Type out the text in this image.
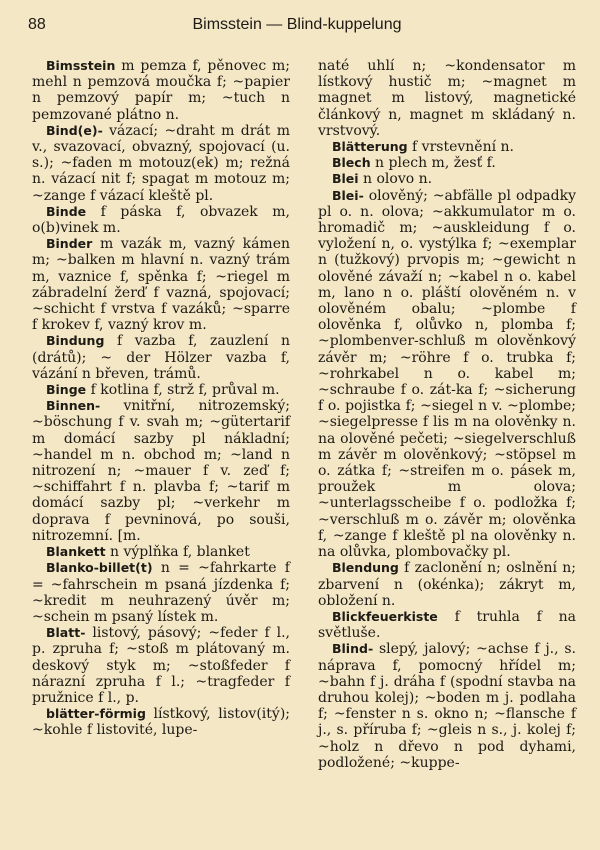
88	Bimsstein — Blind-kuppelung

Bimsstein m pemza f, pěnovec m; mehl n pemzová moučka f; ~papier n pemzový papír m; ~tuch n pemzované plátno n.

Bind(e)- vázací; ~draht m drát m v., svazovací, obvazný, spojovací (u. s.); ~faden m motouz(ek) m; režná n. vázací nit f; spagat m motouz m; ~zange f vázací kleště pl.

Binde f páska f, obvazek m, o(b)vinek m.

Binder m vazák m, vazný kámen m; ~balken m hlavní n. vazný trám m, vaznice f, spěnka f; ~riegel m zábradelní žerď f vazná, spojovací; ~schicht f vrstva f vazáků; ~sparre f krokev f, vazný krov m.

Bindung f vazba f, zauzlení n (drátů); ~ der Hölzer vazba f, vázání n břeven, trámů.

Binge f kotlina f, strž f, průval m.

Binnen- vnitřní, nitrozemský; ~böschung f v. svah m; ~gütertarif m domácí sazby pl nákladní; ~handel m n. obchod m; ~land n nitrození n; ~mauer f v. zeď f; ~schiffahrt f n. plavba f; ~tarif m domácí sazby pl; ~verkehr m doprava f pevninová, po souši, nitrozemní. [m.

Blankett n výplňka f, blanket

Blanko-billet(t) n = ~fahrkarte f = ~fahrschein m psaná jízdenka f; ~kredit m neuhrazený úvěr m; ~schein m psaný lístek m.

Blatt- listový, pásový; ~feder f l., p. zpruha f; ~stoß m plátovaný m. deskový styk m; ~stoßfeder f nárazní zpruha f l.; ~tragfeder f pružnice f l., p.

blätter-förmig lístkový, listov(itý); ~kohle f listovité, lupe-

naté uhlí n; ~kondensator m lístkový hustič m; ~magnet m magnet m listový, magnetické článkový n, magnet m skládaný n. vrstvový.

Blätterung f vrstevnění n.

Blech n plech m, žesť f.

Blei n olovo n.

Blei- olověný; ~abfälle pl odpadky pl o. n. olova; ~akkumulator m o. hromadič m; ~auskleidung f o. vyložení n, o. vystýlka f; ~exemplar n (tužkový) prvopis m; ~gewicht n olověné závaží n; ~kabel n o. kabel m, lano n o. pláští olověném n. v olověném obalu; ~plombe f olověnka f, olůvko n, plomba f; ~plombenver-schluß m olověnkový závěr m; ~röhre f o. trubka f; ~rohrkabel n o. kabel m; ~schraube f o. zát-ka f; ~sicherung f o. pojistka f; ~siegel n v. ~plombe; ~siegelpresse f lis m na olověnky n. na olověné pečeti; ~siegelverschluß m závěr m olověnkový; ~stöpsel m o. zátka f; ~streifen m o. pásek m, proužek m olova; ~unterlagsscheibe f o. podložka f; ~verschluß m o. závěr m; olověnka f, ~zange f kleště pl na olověnky n. na olůvka, plombovačky pl.

Blendung f zaclonění n; oslnění n; zbarvení n (okénka); zákryt m, obložení n.

Blickfeuerkiste f truhla f na světluše.

Blind- slepý, jalový; ~achse f j., s. náprava f, pomocný hřídel m; ~bahn f j. dráha f (spodní stavba na druhou kolej); ~boden m j. podlaha f; ~fenster n s. okno n; ~flansche f j., s. příruba f; ~gleis n s., j. kolej f; ~holz n dřevo n pod dyhami, podložené; ~kuppe-
